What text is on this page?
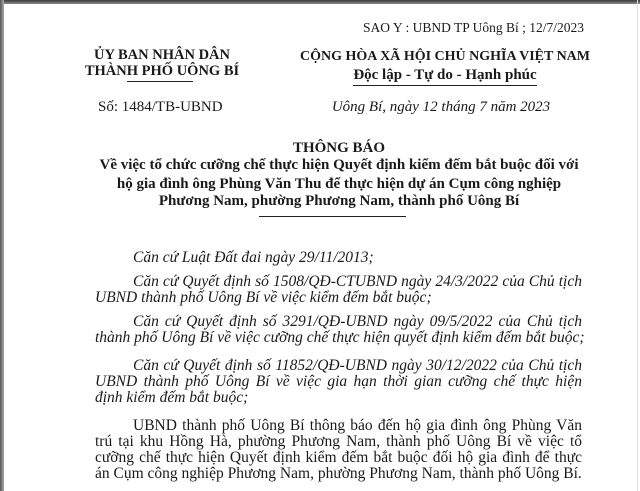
SAO Y : UBND TP Uông Bí ; 12/7/2023
ỦY BAN NHÂN DÂN
THÀNH PHỐ UÔNG BÍ
Số: 1484/TB-UBND
CỘNG HÒA XÃ HỘI CHỦ NGHĨA VIỆT NAM
Độc lập - Tự do - Hạnh phúc
Uông Bí, ngày 12 tháng 7 năm 2023
THÔNG BÁO
Về việc tổ chức cưỡng chế thực hiện Quyết định kiểm đếm bắt buộc đối với
hộ gia đình ông Phùng Văn Thu để thực hiện dự án Cụm công nghiệp
Phương Nam, phường Phương Nam, thành phố Uông Bí
Căn cứ Luật Đất đai ngày 29/11/2013;
Căn cứ Quyết định số 1508/QĐ-CTUBND ngày 24/3/2022 của Chủ tịch
UBND thành phố Uông Bí về việc kiểm đếm bắt buộc;
Căn cứ Quyết định số 3291/QĐ-UBND ngày 09/5/2022 của Chủ tịch
thành phố Uông Bí về việc cưỡng chế thực hiện quyết định kiểm đếm bắt buộc;
Căn cứ Quyết định số 11852/QĐ-UBND ngày 30/12/2022 của Chủ tịch
UBND thành phố Uông Bí về việc gia hạn thời gian cưỡng chế thực hiện
định kiểm đếm bắt buộc;
UBND thành phố Uông Bí thông báo đến hộ gia đình ông Phùng Văn
trú tại khu Hồng Hà, phường Phương Nam, thành phố Uông Bí về việc tổ
cưỡng chế thực hiện Quyết định kiểm đếm bắt buộc đối hộ gia đình để thực
án Cụm công nghiệp Phương Nam, phường Phương Nam, thành phố Uông Bí.
